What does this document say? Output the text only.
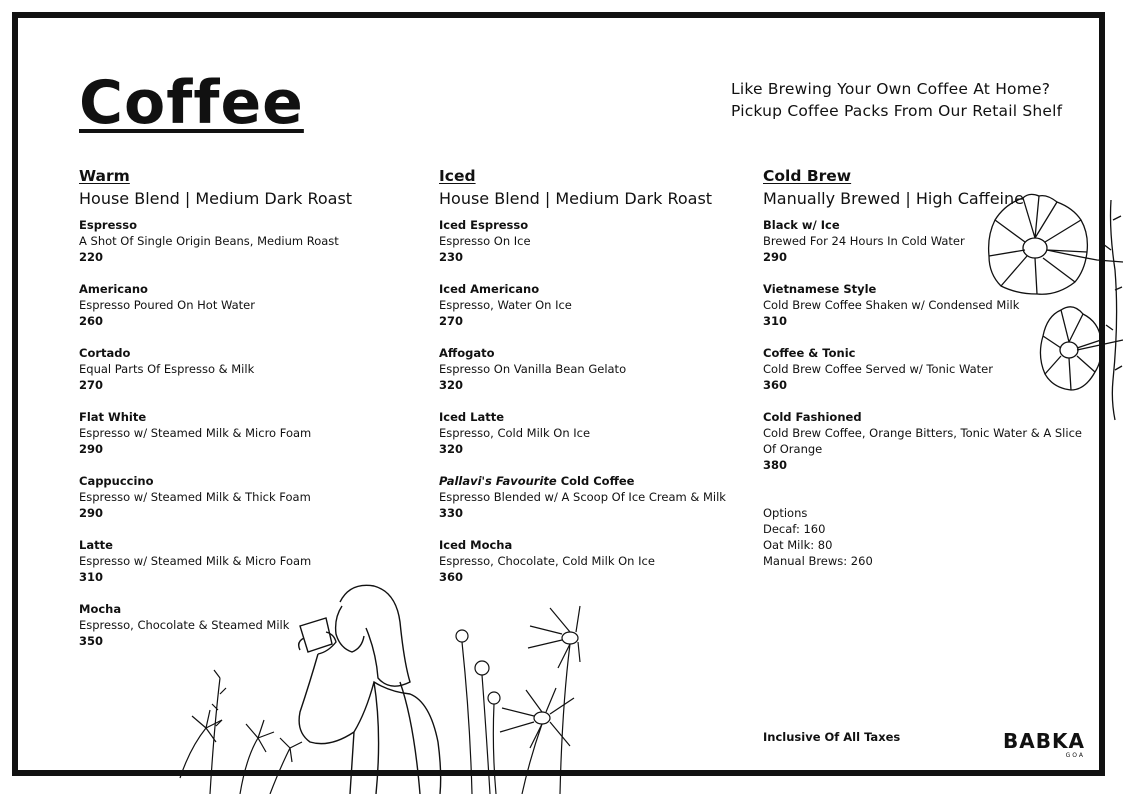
Coffee	Like Brewing Your Own Coffee At Home?
Pickup Coffee Packs From Our Retail Shelf
Warm
House Blend | Medium Dark Roast
Espresso
A Shot Of Single Origin Beans, Medium Roast
220
Americano
Espresso Poured On Hot Water
260
Cortado
Equal Parts Of Espresso & Milk
270
Flat White
Espresso w/ Steamed Milk & Micro Foam
290
Cappuccino
Espresso w/ Steamed Milk & Thick Foam
290
Latte
Espresso w/ Steamed Milk & Micro Foam
310
Mocha
Espresso, Chocolate & Steamed Milk
350
Iced
House Blend | Medium Dark Roast
Iced Espresso
Espresso On Ice
230
Iced Americano
Espresso, Water On Ice
270
Affogato
Espresso On Vanilla Bean Gelato
320
Iced Latte
Espresso, Cold Milk On Ice
320
Pallavi's Favourite Cold Coffee
Espresso Blended w/ A Scoop Of Ice Cream & Milk
330
Iced Mocha
Espresso, Chocolate, Cold Milk On Ice
360
Cold Brew
Manually Brewed | High Caffeine
Black w/ Ice
Brewed For 24 Hours In Cold Water
290
Vietnamese Style
Cold Brew Coffee Shaken w/ Condensed Milk
310
Coffee & Tonic
Cold Brew Coffee Served w/ Tonic Water
360
Cold Fashioned
Cold Brew Coffee, Orange Bitters, Tonic Water & A Slice Of Orange
380
Options
Decaf: 160
Oat Milk: 80
Manual Brews: 260
Inclusive Of All Taxes	BABKA
GOA
